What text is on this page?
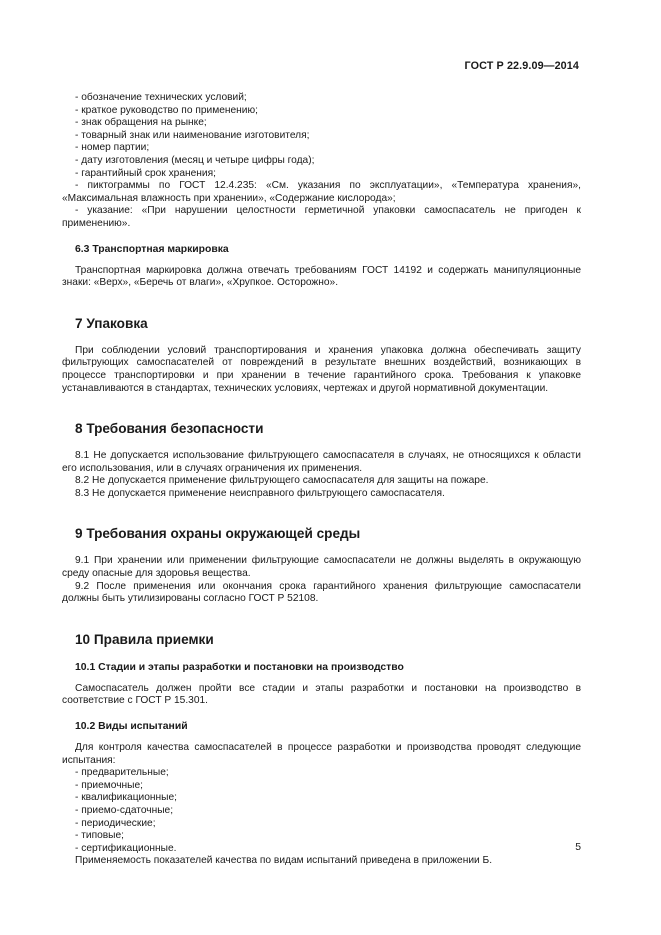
ГОСТ Р 22.9.09—2014
- обозначение технических условий;
- краткое руководство по применению;
- знак обращения на рынке;
- товарный знак или наименование изготовителя;
- номер партии;
- дату изготовления (месяц и четыре цифры года);
- гарантийный срок хранения;
- пиктограммы по ГОСТ 12.4.235: «См. указания по эксплуатации», «Температура хранения», «Максимальная влажность при хранении», «Содержание кислорода»;
- указание: «При нарушении целостности герметичной упаковки самоспасатель не пригоден к применению».
6.3 Транспортная маркировка

Транспортная маркировка должна отвечать требованиям ГОСТ 14192 и содержать манипуляционные знаки: «Верх», «Беречь от влаги», «Хрупкое. Осторожно».

7 Упаковка

При соблюдении условий транспортирования и хранения упаковка должна обеспечивать защиту фильтрующих самоспасателей от повреждений в результате внешних воздействий, возникающих в процессе транспортировки и при хранении в течение гарантийного срока. Требования к упаковке устанавливаются в стандартах, технических условиях, чертежах и другой нормативной документации.

8 Требования безопасности

8.1 Не допускается использование фильтрующего самоспасателя в случаях, не относящихся к области его использования, или в случаях ограничения их применения.

8.2 Не допускается применение фильтрующего самоспасателя для защиты на пожаре.

8.3 Не допускается применение неисправного фильтрующего самоспасателя.

9 Требования охраны окружающей среды

9.1 При хранении или применении фильтрующие самоспасатели не должны выделять в окружающую среду опасные для здоровья вещества.

9.2 После применения или окончания срока гарантийного хранения фильтрующие самоспасатели должны быть утилизированы согласно ГОСТ Р 52108.

10 Правила приемки
10.1 Стадии и этапы разработки и постановки на производство

Самоспасатель должен пройти все стадии и этапы разработки и постановки на производство в соответствие с ГОСТ Р 15.301.

10.2 Виды испытаний

Для контроля качества самоспасателей в процессе разработки и производства проводят следующие испытания:

- предварительные;
- приемочные;
- квалификационные;
- приемо-сдаточные;
- периодические;
- типовые;
- сертификационные.

Применяемость показателей качества по видам испытаний приведена в приложении Б.

5
